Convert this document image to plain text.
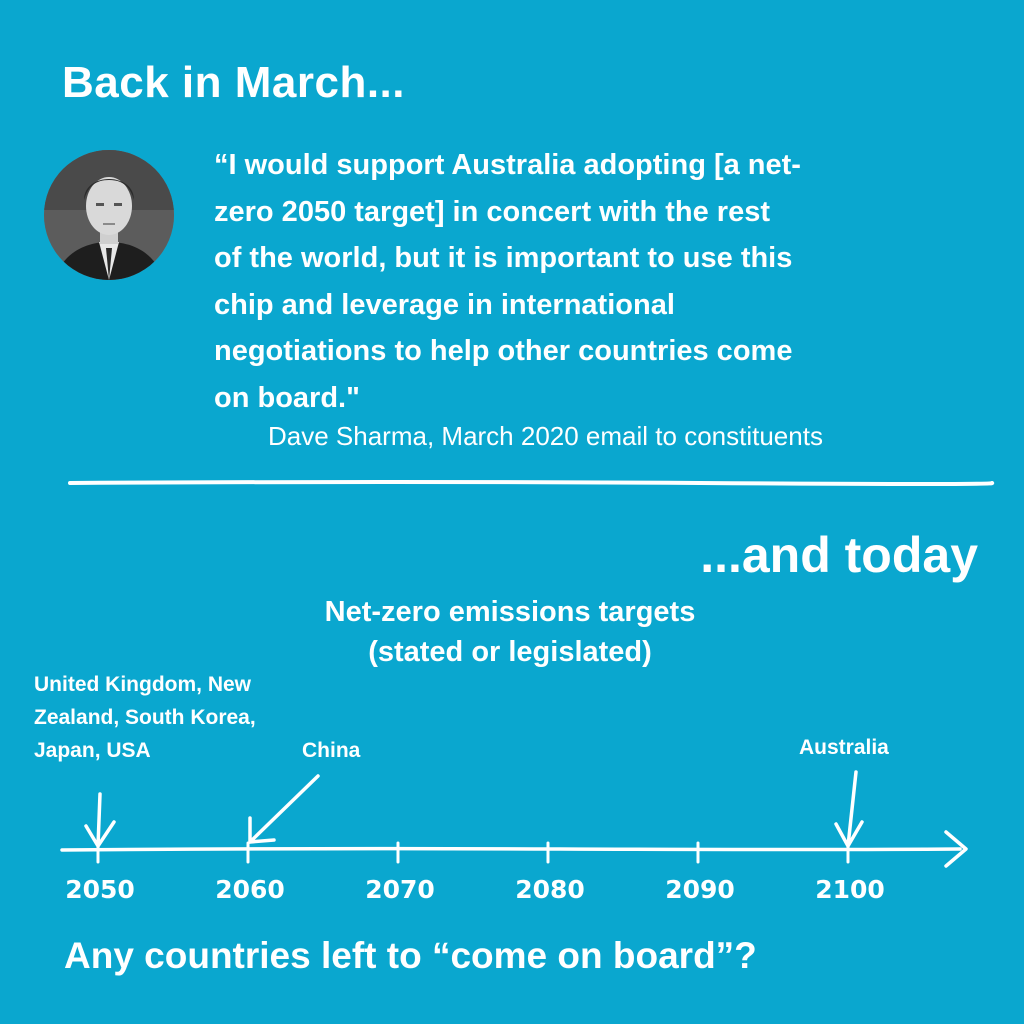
Back in March...
“I would support Australia adopting [a net-
zero 2050 target] in concert with the rest
of the world, but it is important to use this
chip and leverage in international
negotiations to help other countries come
on board."
Dave Sharma, March 2020 email to constituents
...and today
Net-zero emissions targets
(stated or legislated)
United Kingdom, New
Zealand, South Korea,
Japan, USA	China	Australia
2050	2060	2070	2080	2090	2100
Any countries left to “come on board”?
